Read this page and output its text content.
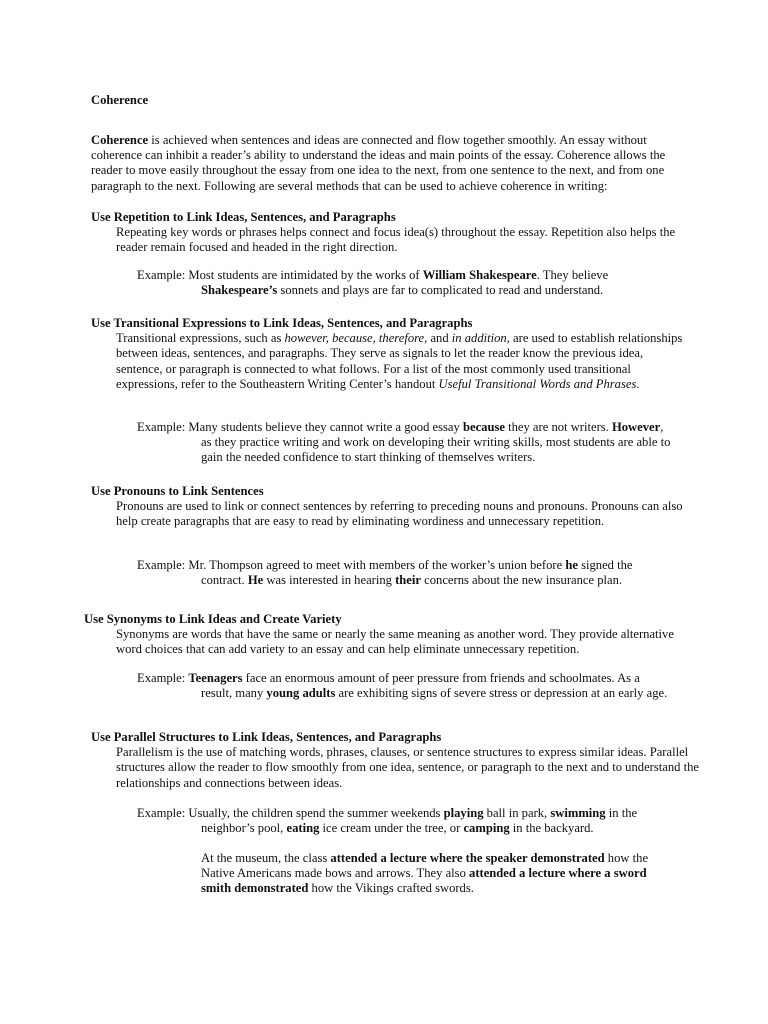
Coherence
Coherence is achieved when sentences and ideas are connected and flow together smoothly. An essay without coherence can inhibit a reader’s ability to understand the ideas and main points of the essay. Coherence allows the reader to move easily throughout the essay from one idea to the next, from one sentence to the next, and from one paragraph to the next. Following are several methods that can be used to achieve coherence in writing:

Use Repetition to Link Ideas, Sentences, and Paragraphs

Repeating key words or phrases helps connect and focus idea(s) throughout the essay. Repetition also helps the reader remain focused and headed in the right direction.

Example: Most students are intimidated by the works of William Shakespeare. They believe

Shakespeare’s sonnets and plays are far to complicated to read and understand.

Use Transitional Expressions to Link Ideas, Sentences, and Paragraphs

Transitional expressions, such as however, because, therefore, and in addition, are used to establish relationships between ideas, sentences, and paragraphs. They serve as signals to let the reader know the previous idea, sentence, or paragraph is connected to what follows. For a list of the most commonly used transitional expressions, refer to the Southeastern Writing Center’s handout Useful Transitional Words and Phrases.

Example: Many students believe they cannot write a good essay because they are not writers. However,

as they practice writing and work on developing their writing skills, most students are able to gain the needed confidence to start thinking of themselves writers.

Use Pronouns to Link Sentences

Pronouns are used to link or connect sentences by referring to preceding nouns and pronouns. Pronouns can also help create paragraphs that are easy to read by eliminating wordiness and unnecessary repetition.

Example: Mr. Thompson agreed to meet with members of the worker’s union before he signed the

contract. He was interested in hearing their concerns about the new insurance plan.

Use Synonyms to Link Ideas and Create Variety

Synonyms are words that have the same or nearly the same meaning as another word. They provide alternative word choices that can add variety to an essay and can help eliminate unnecessary repetition.

Example: Teenagers face an enormous amount of peer pressure from friends and schoolmates. As a

result, many young adults are exhibiting signs of severe stress or depression at an early age.

Use Parallel Structures to Link Ideas, Sentences, and Paragraphs

Parallelism is the use of matching words, phrases, clauses, or sentence structures to express similar ideas. Parallel structures allow the reader to flow smoothly from one idea, sentence, or paragraph to the next and to understand the relationships and connections between ideas.

Example: Usually, the children spend the summer weekends playing ball in park, swimming in the

neighbor’s pool, eating ice cream under the tree, or camping in the backyard.

At the museum, the class attended a lecture where the speaker demonstrated how the Native Americans made bows and arrows. They also attended a lecture where a sword smith demonstrated how the Vikings crafted swords.
